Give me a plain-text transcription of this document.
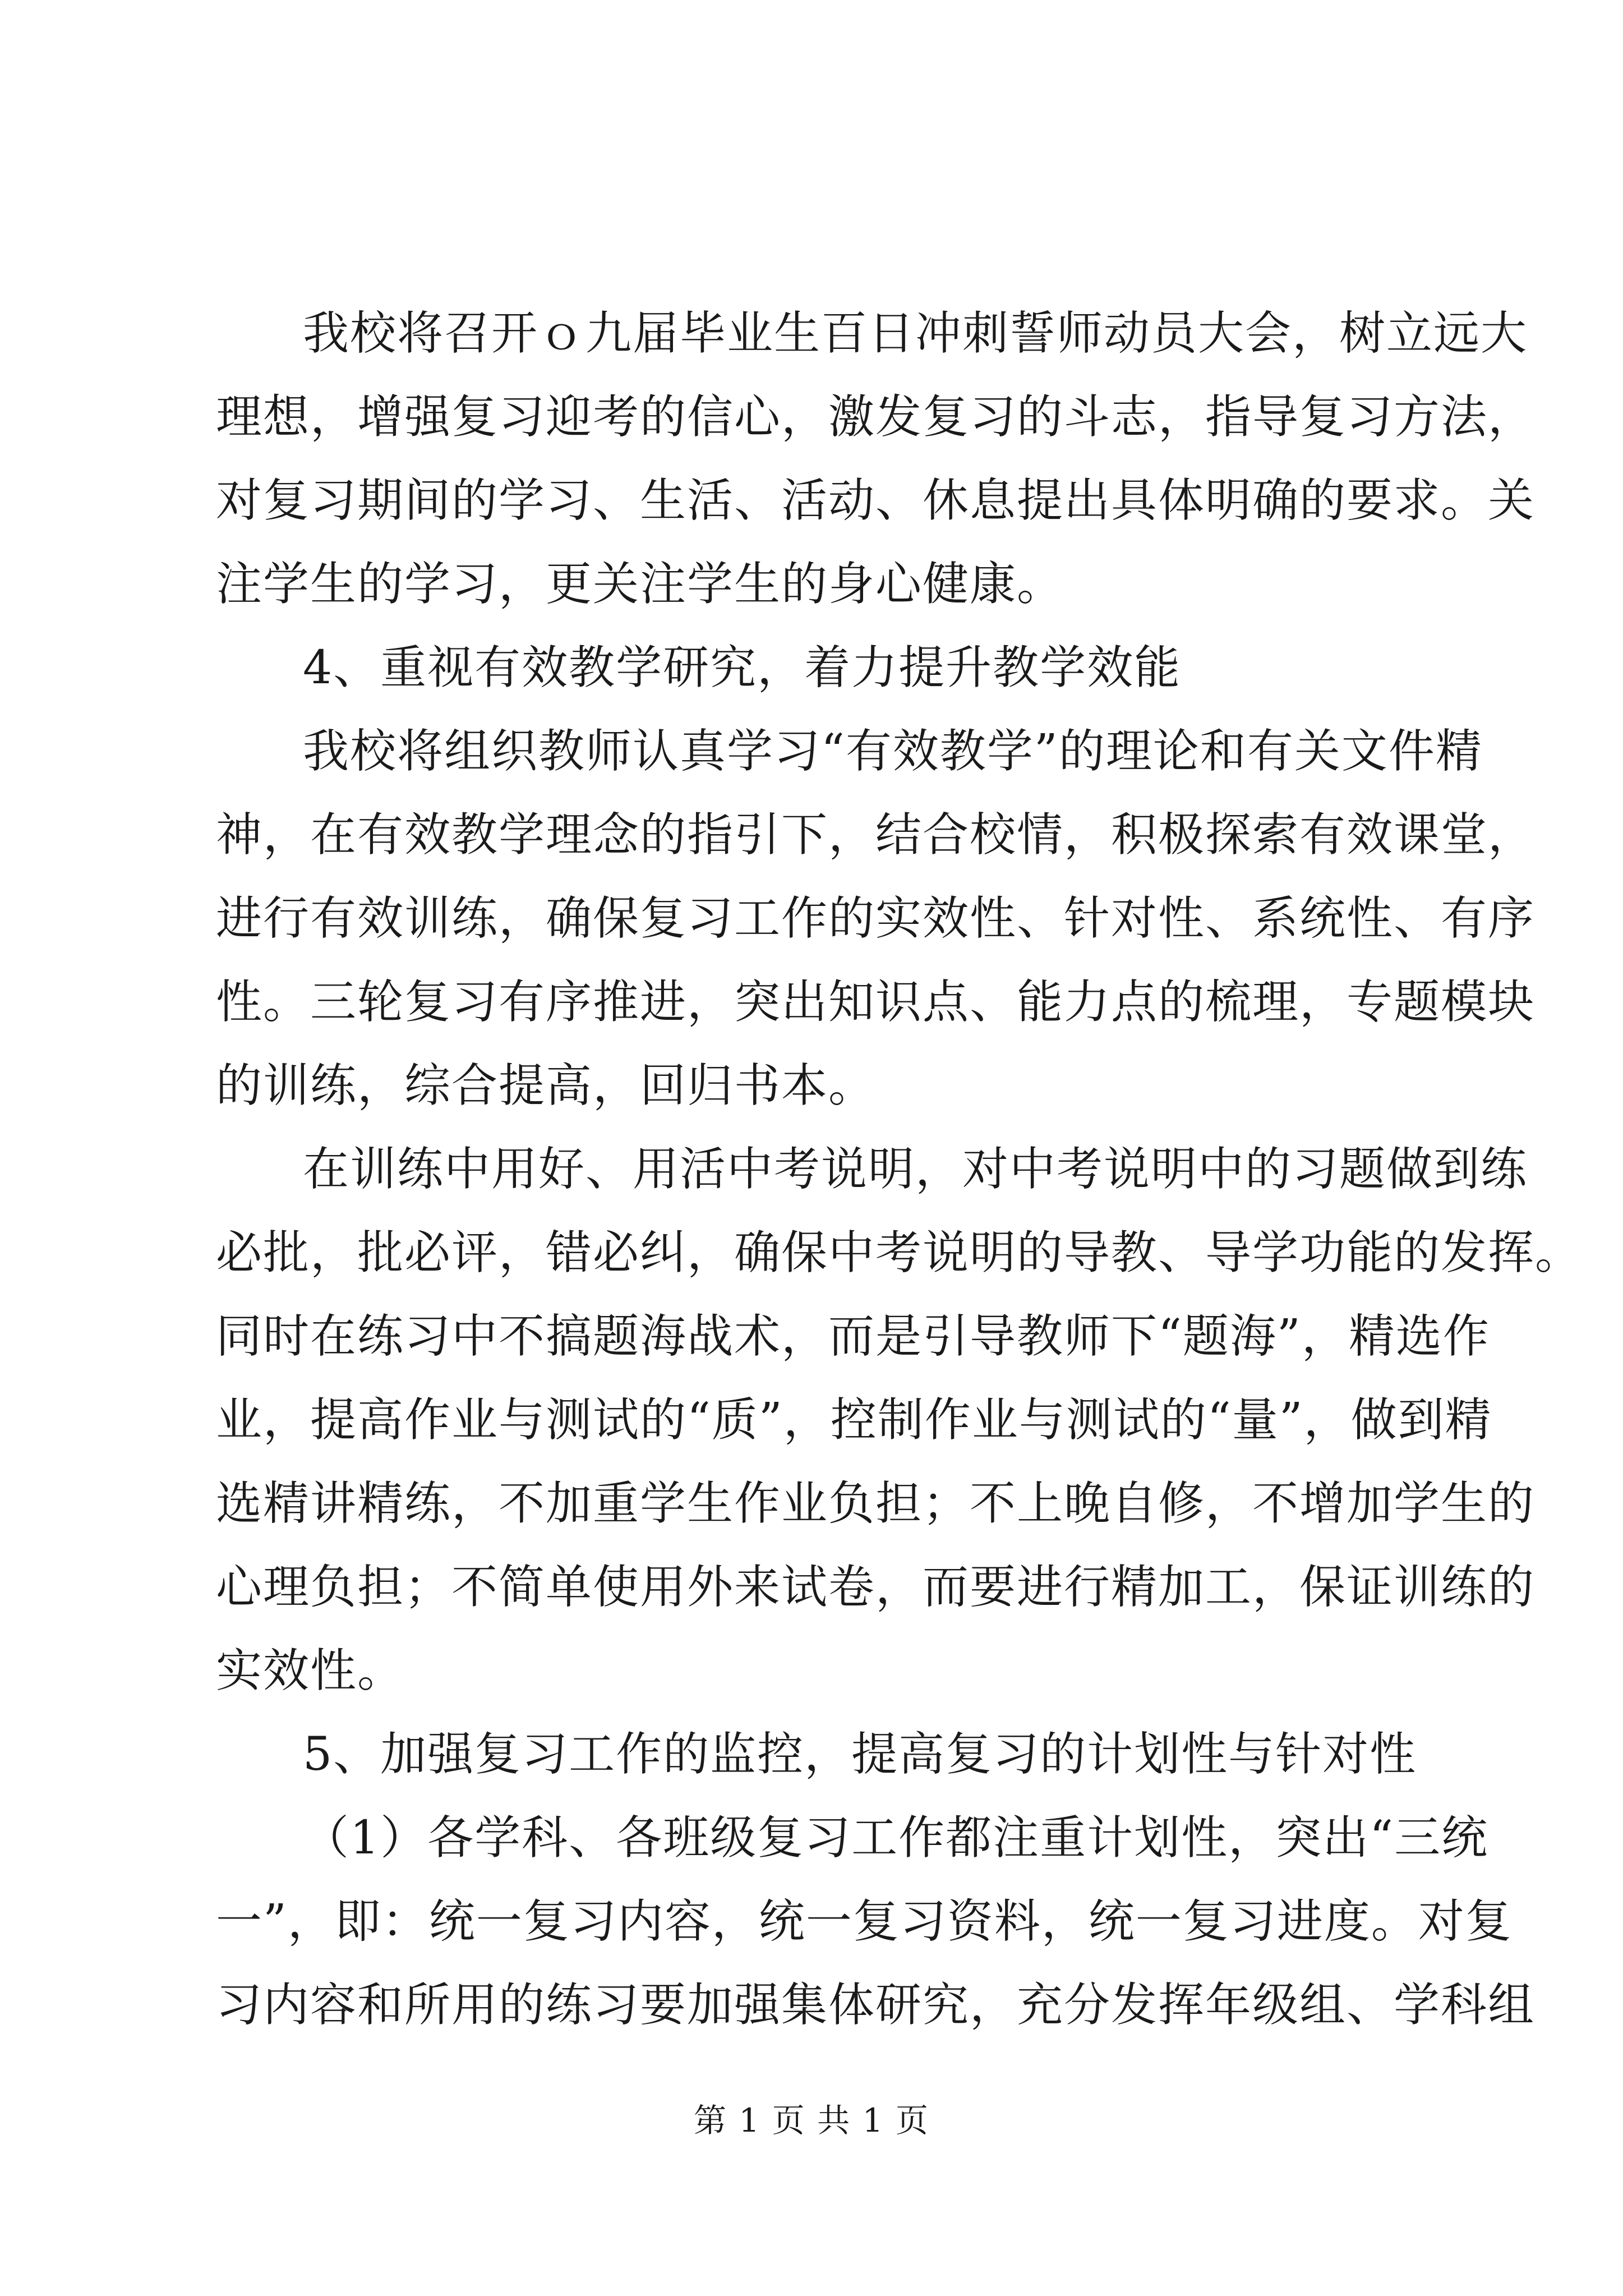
我校将召开ｏ九届毕业生百日冲刺誓师动员大会，树立远大
理想，增强复习迎考的信心，激发复习的斗志，指导复习方法，
对复习期间的学习、生活、活动、休息提出具体明确的要求。关
注学生的学习，更关注学生的身心健康。
4、重视有效教学研究，着力提升教学效能
我校将组织教师认真学习“有效教学”的理论和有关文件精
神，在有效教学理念的指引下，结合校情，积极探索有效课堂，
进行有效训练，确保复习工作的实效性、针对性、系统性、有序
性。三轮复习有序推进，突出知识点、能力点的梳理，专题模块
的训练，综合提高，回归书本。
在训练中用好、用活中考说明，对中考说明中的习题做到练
必批，批必评，错必纠，确保中考说明的导教、导学功能的发挥。
同时在练习中不搞题海战术，而是引导教师下“题海”，精选作
业，提高作业与测试的“质”，控制作业与测试的“量”，做到精
选精讲精练，不加重学生作业负担；不上晚自修，不增加学生的
心理负担；不简单使用外来试卷，而要进行精加工，保证训练的
实效性。
5、加强复习工作的监控，提高复习的计划性与针对性
（1）各学科、各班级复习工作都注重计划性，突出“三统
一”，即：统一复习内容，统一复习资料，统一复习进度。对复
习内容和所用的练习要加强集体研究，充分发挥年级组、学科组
第 1 页 共 1 页
